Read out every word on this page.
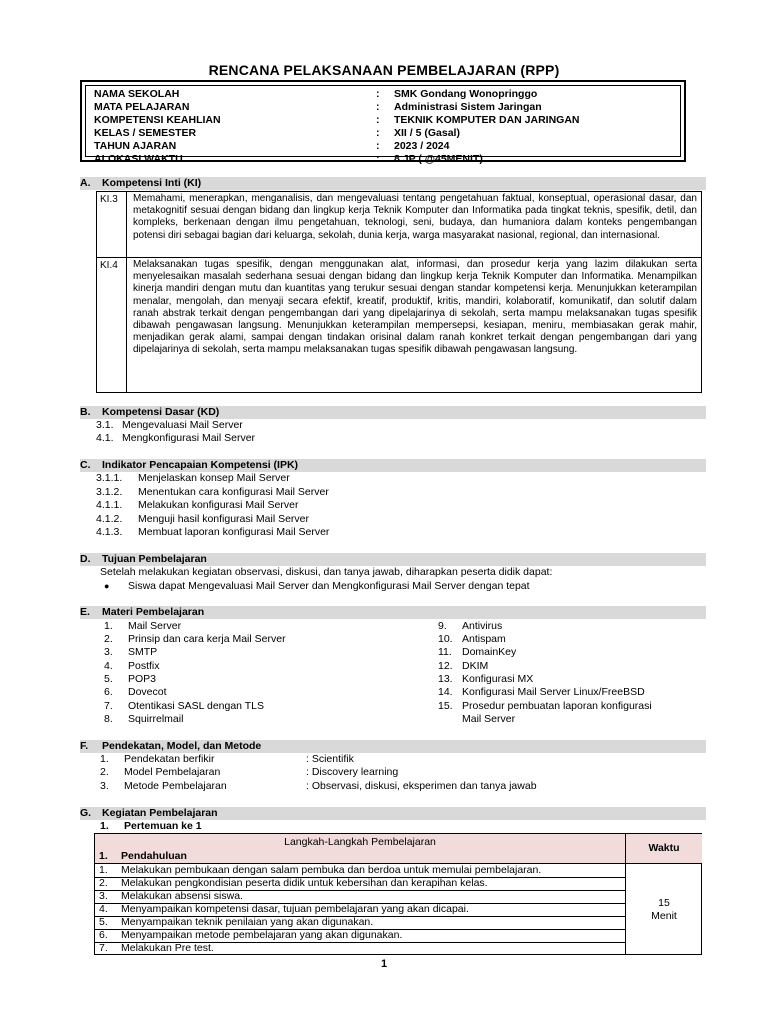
RENCANA PELAKSANAAN PEMBELAJARAN (RPP)
NAMA SEKOLAH	: SMK Gondang Wonopringgo
MATA PELAJARAN	: Administrasi Sistem Jaringan
KOMPETENSI KEAHLIAN	: TEKNIK KOMPUTER DAN JARINGAN
KELAS / SEMESTER	: XII / 5 (Gasal)
TAHUN AJARAN	: 2023 / 2024
ALOKASI WAKTU	: 8 JP ( @45MENIT)
A. Kompetensi Inti (KI)
KI.3	Memahami, menerapkan, menganalisis, dan mengevaluasi tentang pengetahuan faktual, konseptual, operasional dasar, dan metakognitif sesuai dengan bidang dan lingkup kerja Teknik Komputer dan Informatika pada tingkat teknis, spesifik, detil, dan kompleks, berkenaan dengan ilmu pengetahuan, teknologi, seni, budaya, dan humaniora dalam konteks pengembangan potensi diri sebagai bagian dari keluarga, sekolah, dunia kerja, warga masyarakat nasional, regional, dan internasional.
KI.4	Melaksanakan tugas spesifik, dengan menggunakan alat, informasi, dan prosedur kerja yang lazim dilakukan serta menyelesaikan masalah sederhana sesuai dengan bidang dan lingkup kerja Teknik Komputer dan Informatika. Menampilkan kinerja mandiri dengan mutu dan kuantitas yang terukur sesuai dengan standar kompetensi kerja. Menunjukkan keterampilan menalar, mengolah, dan menyaji secara efektif, kreatif, produktif, kritis, mandiri, kolaboratif, komunikatif, dan solutif dalam ranah abstrak terkait dengan pengembangan dari yang dipelajarinya di sekolah, serta mampu melaksanakan tugas spesifik dibawah pengawasan langsung. Menunjukkan keterampilan mempersepsi, kesiapan, meniru, membiasakan gerak mahir, menjadikan gerak alami, sampai dengan tindakan orisinal dalam ranah konkret terkait dengan pengembangan dari yang dipelajarinya di sekolah, serta mampu melaksanakan tugas spesifik dibawah pengawasan langsung.
B. Kompetensi Dasar (KD)
3.1. Mengevaluasi Mail Server
4.1. Mengkonfigurasi Mail Server
C. Indikator Pencapaian Kompetensi (IPK)
3.1.1. Menjelaskan konsep Mail Server
3.1.2. Menentukan cara konfigurasi Mail Server
4.1.1. Melakukan konfigurasi Mail Server
4.1.2. Menguji hasil konfigurasi Mail Server
4.1.3. Membuat laporan konfigurasi Mail Server
D. Tujuan Pembelajaran
Setelah melakukan kegiatan observasi, diskusi, dan tanya jawab, diharapkan peserta didik dapat:
● Siswa dapat Mengevaluasi Mail Server dan Mengkonfigurasi Mail Server dengan tepat
E. Materi Pembelajaran
1. Mail Server
2. Prinsip dan cara kerja Mail Server
3. SMTP
4. Postfix
5. POP3
6. Dovecot
7. Otentikasi SASL dengan TLS
8. Squirrelmail
9. Antivirus
10. Antispam
11. DomainKey
12. DKIM
13. Konfigurasi MX
14. Konfigurasi Mail Server Linux/FreeBSD
15. Prosedur pembuatan laporan konfigurasi
Mail Server
F. Pendekatan, Model, dan Metode
1. Pendekatan berfikir	: Scientifik
2. Model Pembelajaran	: Discovery learning
3. Metode Pembelajaran	: Observasi, diskusi, eksperimen dan tanya jawab
G. Kegiatan Pembelajaran
1. Pertemuan ke 1
Langkah-Langkah Pembelajaran
1. Pendahuluan
Waktu
1. Melakukan pembukaan dengan salam pembuka dan berdoa untuk memulai pembelajaran.
2. Melakukan pengkondisian peserta didik untuk kebersihan dan kerapihan kelas.
3. Melakukan absensi siswa.
4. Menyampaikan kompetensi dasar, tujuan pembelajaran yang akan dicapai.
5. Menyampaikan teknik penilaian yang akan digunakan.
6. Menyampaikan metode pembelajaran yang akan digunakan.
7. Melakukan Pre test.
15
Menit
1
